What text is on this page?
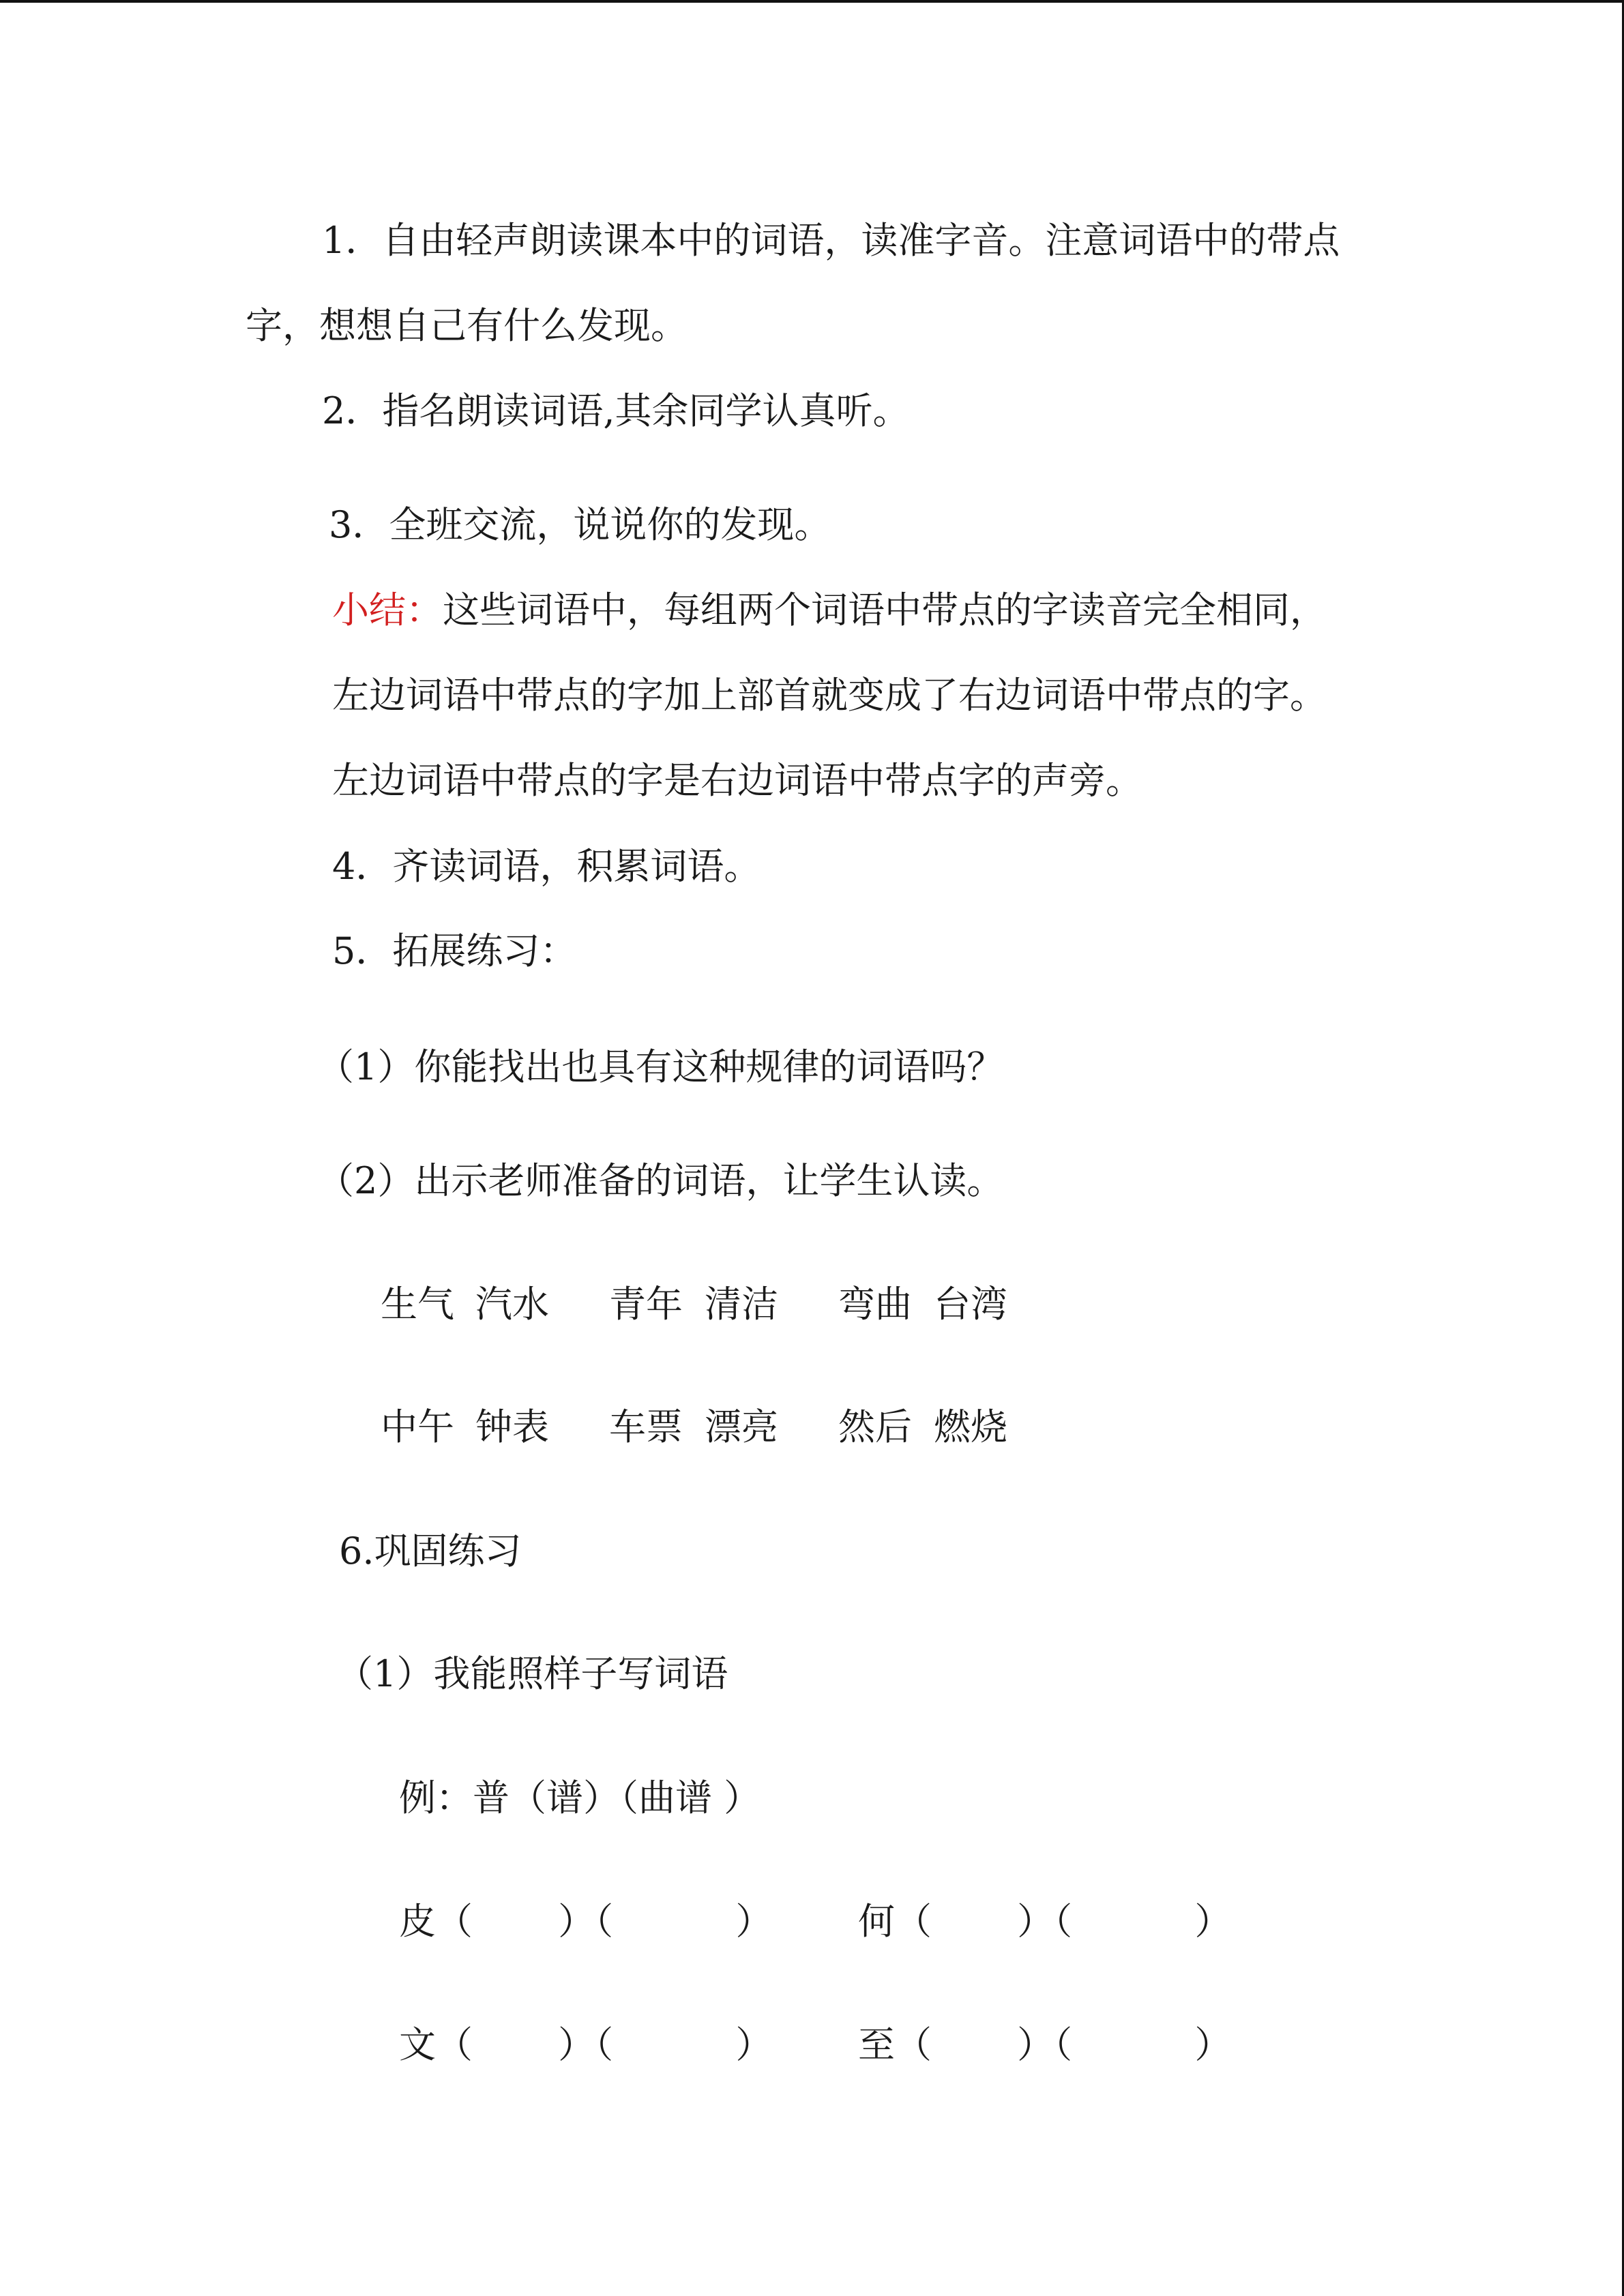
1．自由轻声朗读课本中的词语，读准字音。注意词语中的带点
字，想想自己有什么发现。
2．指名朗读词语,其余同学认真听。
3．全班交流，说说你的发现。
小结：这些词语中，每组两个词语中带点的字读音完全相同，
左边词语中带点的字加上部首就变成了右边词语中带点的字。
左边词语中带点的字是右边词语中带点字的声旁。
4．齐读词语，积累词语。
5．拓展练习：
（1）你能找出也具有这种规律的词语吗？
（2）出示老师准备的词语，让学生认读。
生气 汽水 青年 清洁 弯曲 台湾
中午 钟表 车票 漂亮 然后 燃烧
6.巩固练习
（1）我能照样子写词语
例：普（谱）（曲谱 ）
皮（　　 ）（　　　 ） 何（　　 ）（　　　 ）
文（　　 ）（　　　 ） 至（　　 ）（　　　 ）
